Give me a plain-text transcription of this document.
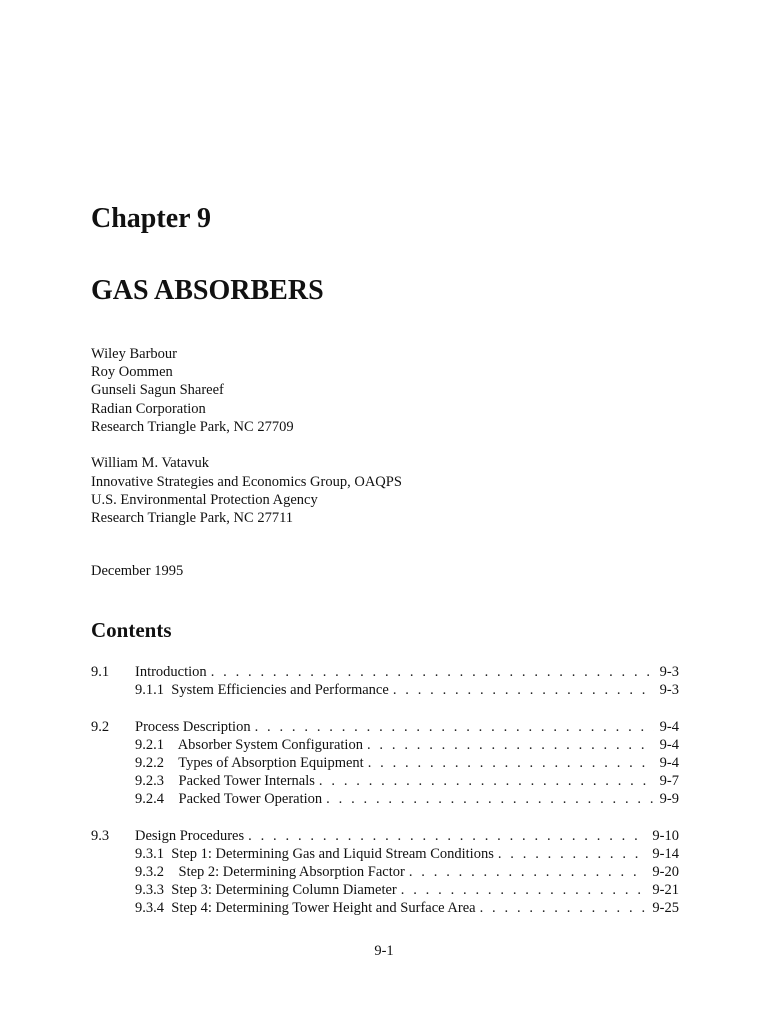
Chapter 9
GAS ABSORBERS
Wiley Barbour
Roy Oommen
Gunseli Sagun Shareef
Radian Corporation
Research Triangle Park, NC 27709
William M. Vatavuk
Innovative Strategies and Economics Group, OAQPS
U.S. Environmental Protection Agency
Research Triangle Park, NC 27711
December 1995
Contents
9.1 Introduction . . .	9-3
9.1.1  System Efficiencies and Performance . . .	9-3
9.2 Process Description . . .	9-4
9.2.1    Absorber System Configuration . . .	9-4
9.2.2    Types of Absorption Equipment . . .	9-4
9.2.3    Packed Tower Internals . . .	9-7
9.2.4    Packed Tower Operation . . .	9-9
9.3 Design Procedures . . .	9-10
9.3.1  Step 1: Determining Gas and Liquid Stream Conditions . . .	9-14
9.3.2    Step 2: Determining Absorption Factor . . .	9-20
9.3.3  Step 3: Determining Column Diameter . . .	9-21
9.3.4  Step 4: Determining Tower Height and Surface Area . . .	9-25
9-1
